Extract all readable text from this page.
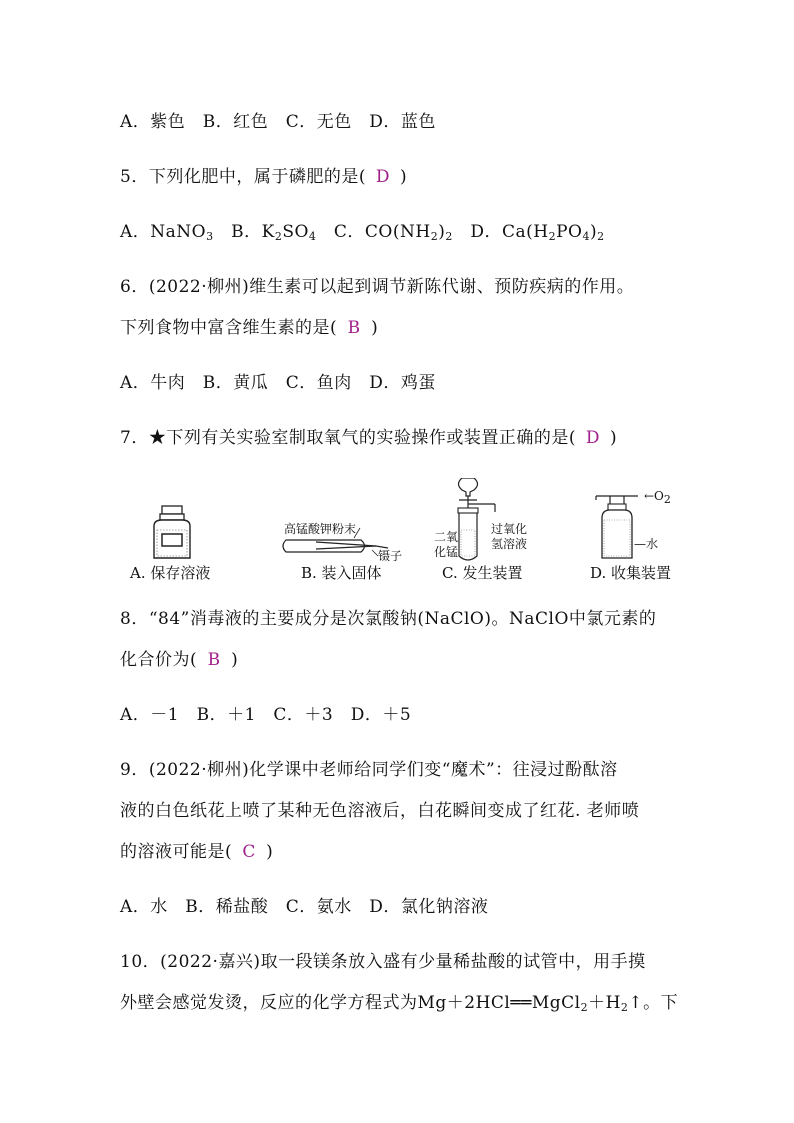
A．紫色　B．红色　C．无色　D．蓝色
5．下列化肥中，属于磷肥的是( D )
A．NaNO$_3$　B．$K_2SO_4$　C．$CO(NH_2)_2$　D．$Ca(H_2PO_4)_2$
6．(2022·柳州)维生素可以起到调节新陈代谢、预防疾病的作用。
下列食物中富含维生素的是( B )
A．牛肉　B．黄瓜　C．鱼肉　D．鸡蛋
7．★下列有关实验室制取氧气的实验操作或装置正确的是( D )
A. 保存溶液
高锰酸钾粉末
镊子
B. 装入固体
二氧
化锰
过氧化
氢溶液
C. 发生装置
$\leftarrow O_2$
—水
D. 收集装置
8．“84”消毒液的主要成分是次氯酸钠(NaClO)。NaClO中氯元素的
化合价为( B )
A．－1　B．＋1　C．＋3　D．＋5
9．(2022·柳州)化学课中老师给同学们变“魔术”：往浸过酚酞溶
液的白色纸花上喷了某种无色溶液后，白花瞬间变成了红花. 老师喷
的溶液可能是( C )
A．水　B．稀盐酸　C．氨水　D．氯化钠溶液
10．(2022·嘉兴)取一段镁条放入盛有少量稀盐酸的试管中，用手摸
外壁会感觉发烫，反应的化学方程式为$Mg+2HCl══MgCl_2+H_2↑$。下
